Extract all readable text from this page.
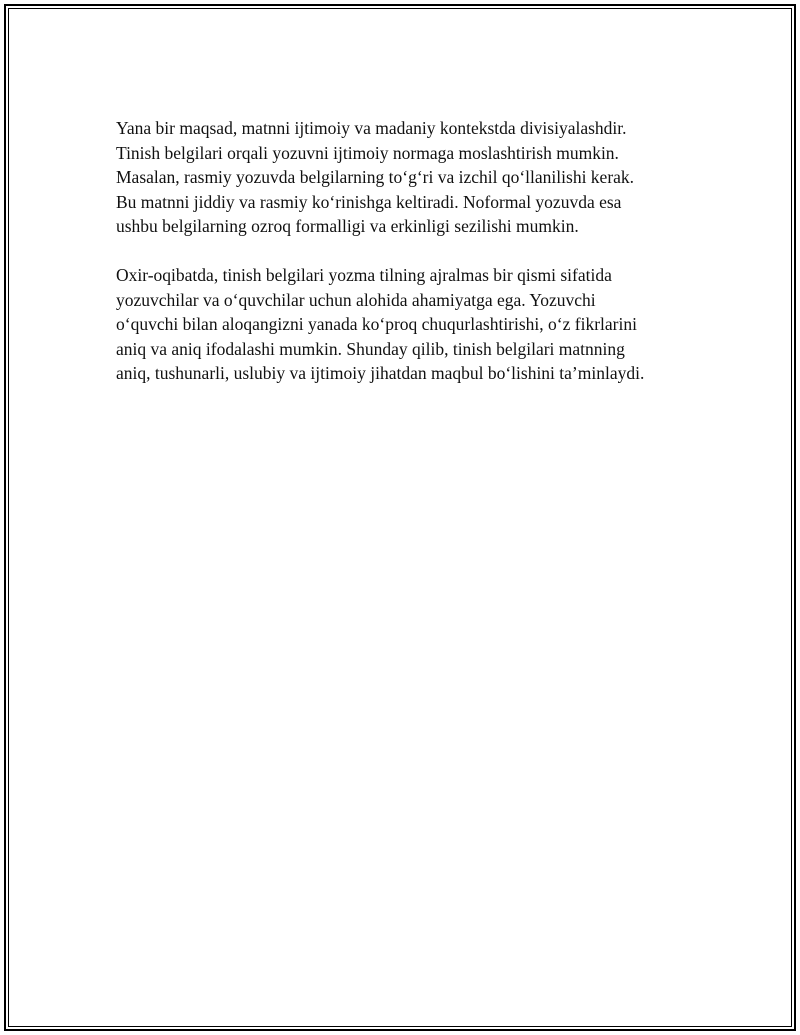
Yana bir maqsad, matnni ijtimoiy va madaniy kontekstda divisiyalashdir.
Tinish belgilari orqali yozuvni ijtimoiy normaga moslashtirish mumkin.
Masalan, rasmiy yozuvda belgilarning to‘g‘ri va izchil qo‘llanilishi kerak.
Bu matnni jiddiy va rasmiy ko‘rinishga keltiradi. Noformal yozuvda esa
ushbu belgilarning ozroq formalligi va erkinligi sezilishi mumkin.

Oxir-oqibatda, tinish belgilari yozma tilning ajralmas bir qismi sifatida
yozuvchilar va o‘quvchilar uchun alohida ahamiyatga ega. Yozuvchi
o‘quvchi bilan aloqangizni yanada ko‘proq chuqurlashtirishi, o‘z fikrlarini
aniq va aniq ifodalashi mumkin. Shunday qilib, tinish belgilari matnning
aniq, tushunarli, uslubiy va ijtimoiy jihatdan maqbul bo‘lishini ta’minlaydi.
